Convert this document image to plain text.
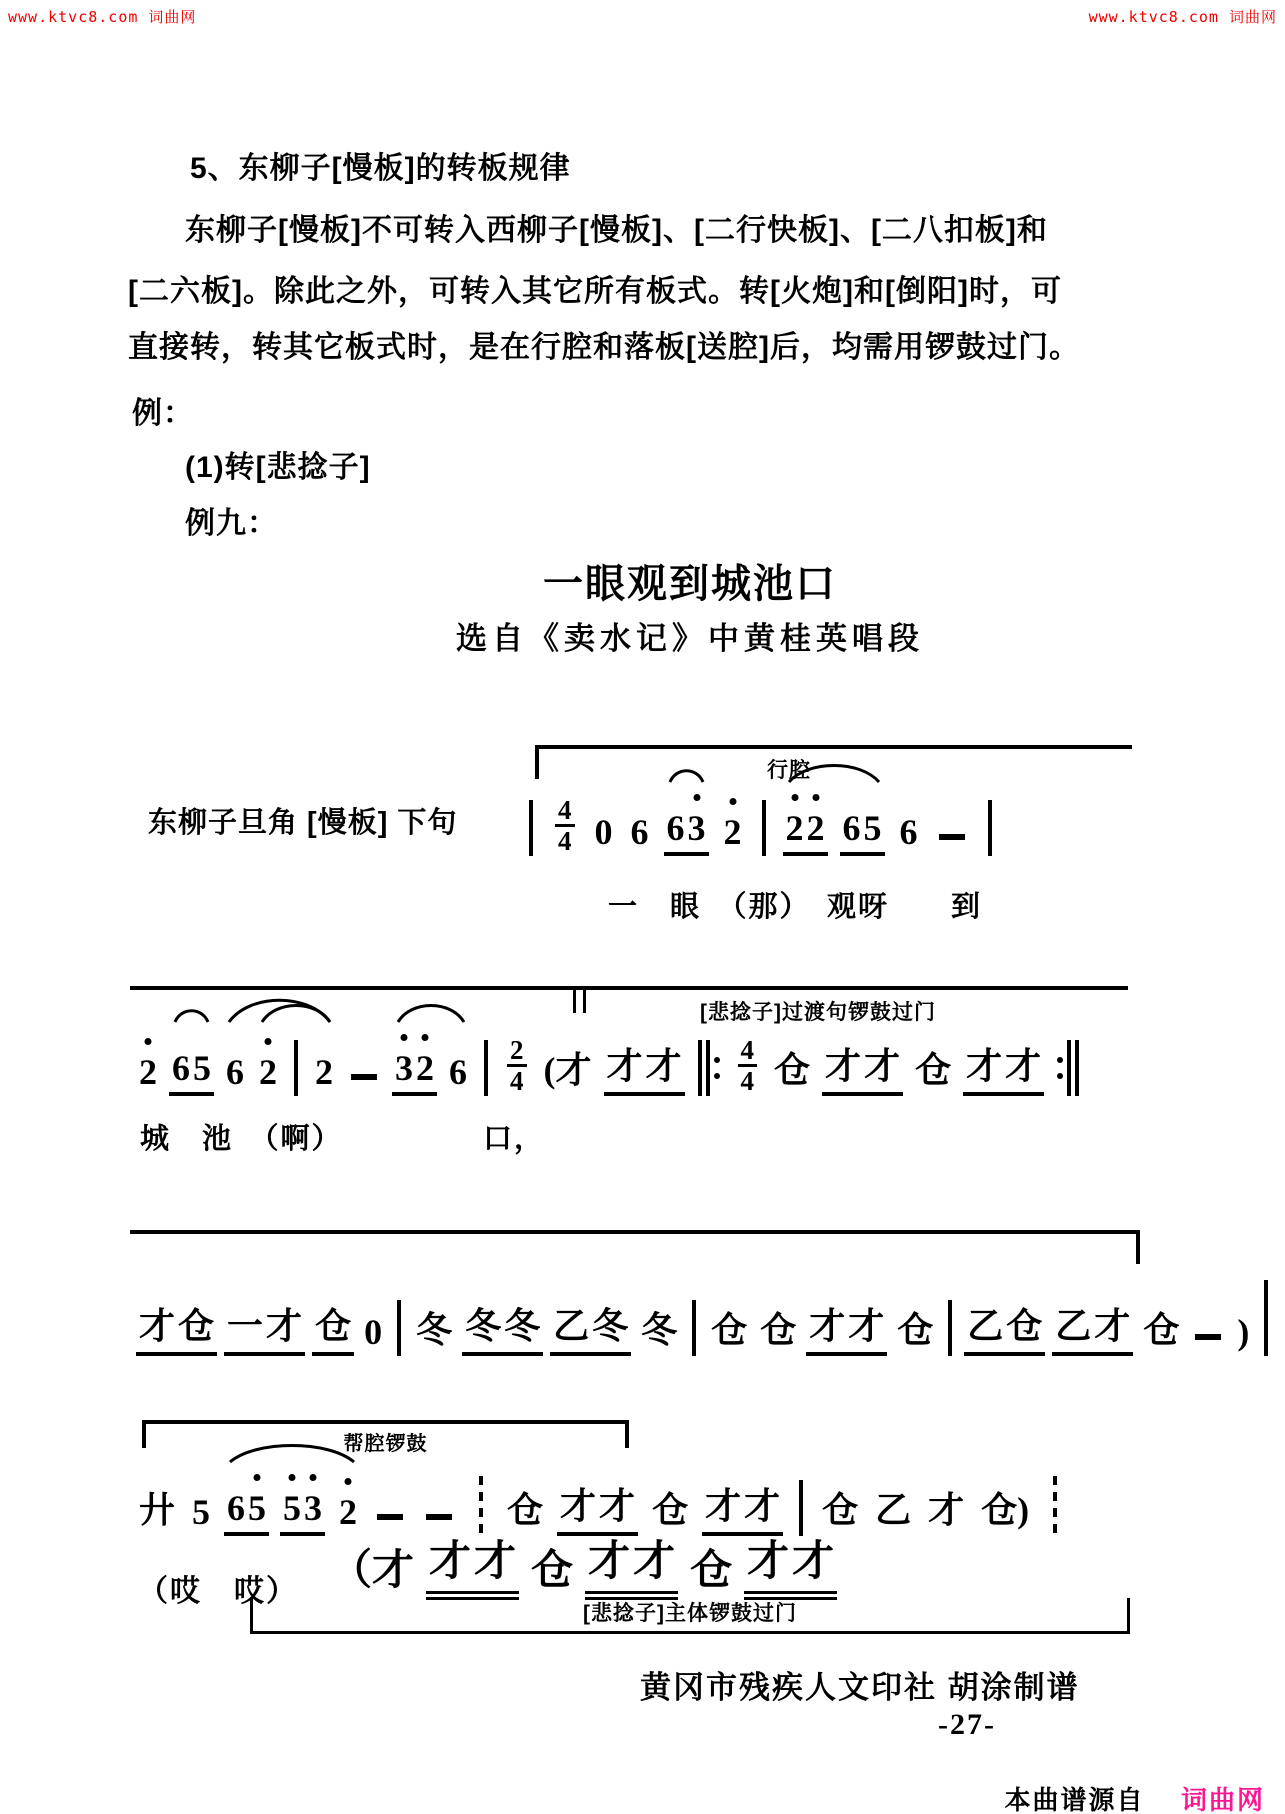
www.ktvc8.com 词曲网	www.ktvc8.com 词曲网
5、东柳子[慢板]的转板规律
东柳子[慢板]不可转入西柳子[慢板]、[二行快板]、[二八扣板]和
[二六板]。除此之外，可转入其它所有板式。转[火炮]和[倒阳]时，可
直接转，转其它板式时，是在行腔和落板[送腔]后，均需用锣鼓过门。
例：
(1)转[悲捻子]
例九：
一眼观到城池口
选自《卖水记》中黄桂英唱段
行腔
东柳子旦角 [慢板] 下句	4
4 0 6 6 3 2 2 2 6 5 6
一　眼　（那）　观呀　　到
[悲捻子]过渡句锣鼓过门
2 6 5 6 2 2 3 2 6
2
4 (才 才 才 4
4 仓 才 才 仓 才 才
城　池　（啊）　　　　　口，
才 仓 一 才 仓 0 冬 冬 冬 乙 冬 冬 仓 仓 才 才 仓 乙 仓 乙 才 仓 )
帮腔锣鼓
廾 5 6 5 5 3 2	仓 才 才 仓 才 才 仓 乙 才 仓)
（才 才 才 仓 才 才 仓 才 才
（哎　哎）
[悲捻子]主体锣鼓过门
黄冈市残疾人文印社 胡涂制谱
-27-
本曲谱源自 词曲网
